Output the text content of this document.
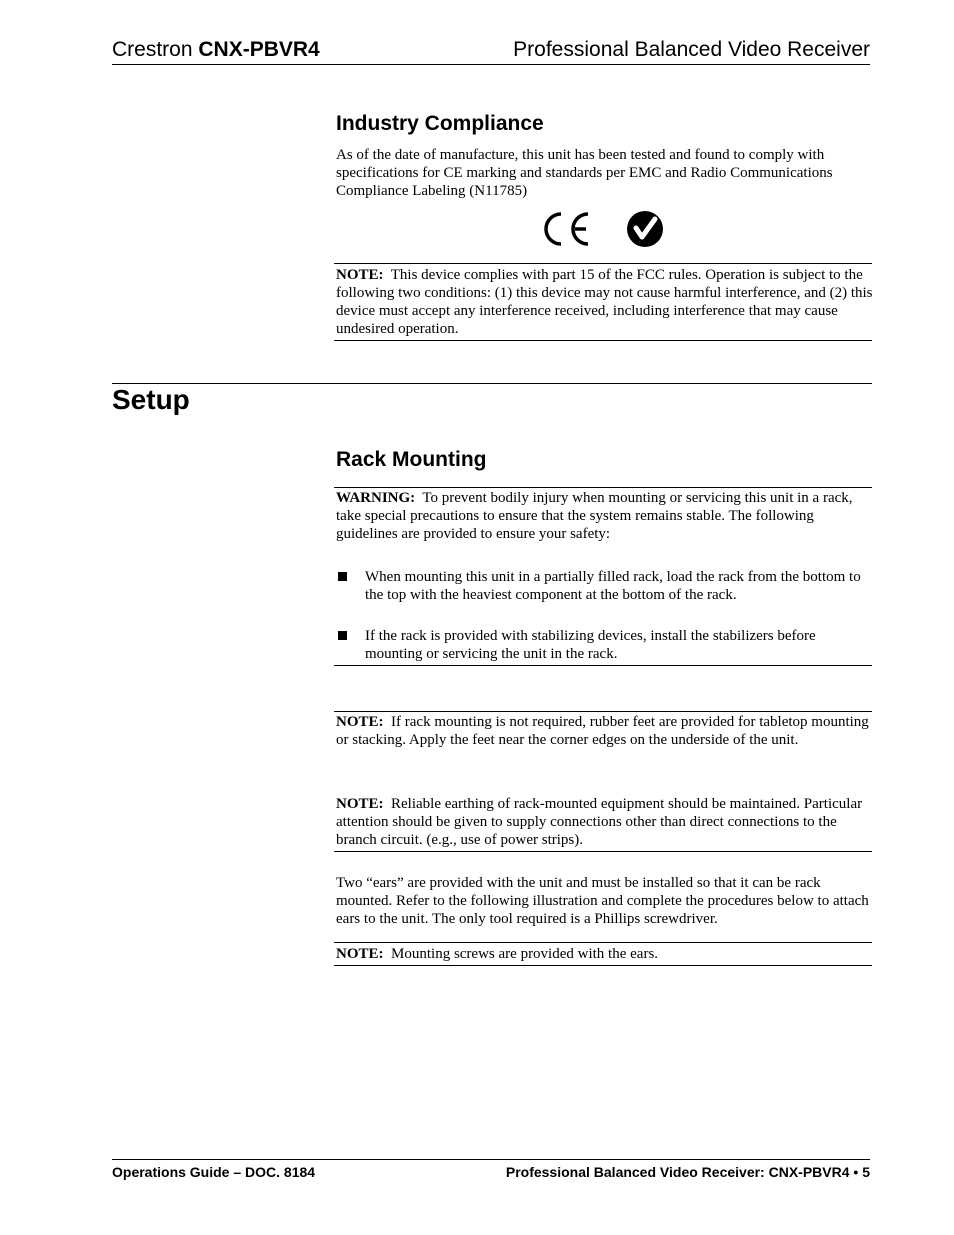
Crestron CNX-PBVR4	Professional Balanced Video Receiver
Industry Compliance

As of the date of manufacture, this unit has been tested and found to comply with specifications for CE marking and standards per EMC and Radio Communications Compliance Labeling (N11785)

NOTE: This device complies with part 15 of the FCC rules. Operation is subject to the following two conditions: (1) this device may not cause harmful interference, and (2) this device must accept any interference received, including interference that may cause undesired operation.

Setup
Rack Mounting

WARNING: To prevent bodily injury when mounting or servicing this unit in a rack, take special precautions to ensure that the system remains stable. The following guidelines are provided to ensure your safety:

When mounting this unit in a partially filled rack, load the rack from the bottom to the top with the heaviest component at the bottom of the rack.
If the rack is provided with stabilizing devices, install the stabilizers before mounting or servicing the unit in the rack.

NOTE: If rack mounting is not required, rubber feet are provided for tabletop mounting or stacking. Apply the feet near the corner edges on the underside of the unit.

NOTE: Reliable earthing of rack-mounted equipment should be maintained. Particular attention should be given to supply connections other than direct connections to the branch circuit. (e.g., use of power strips).

Two “ears” are provided with the unit and must be installed so that it can be rack mounted. Refer to the following illustration and complete the procedures below to attach ears to the unit. The only tool required is a Phillips screwdriver.

NOTE: Mounting screws are provided with the ears.

Operations Guide – DOC. 8184	Professional Balanced Video Receiver: CNX-PBVR4 • 5
